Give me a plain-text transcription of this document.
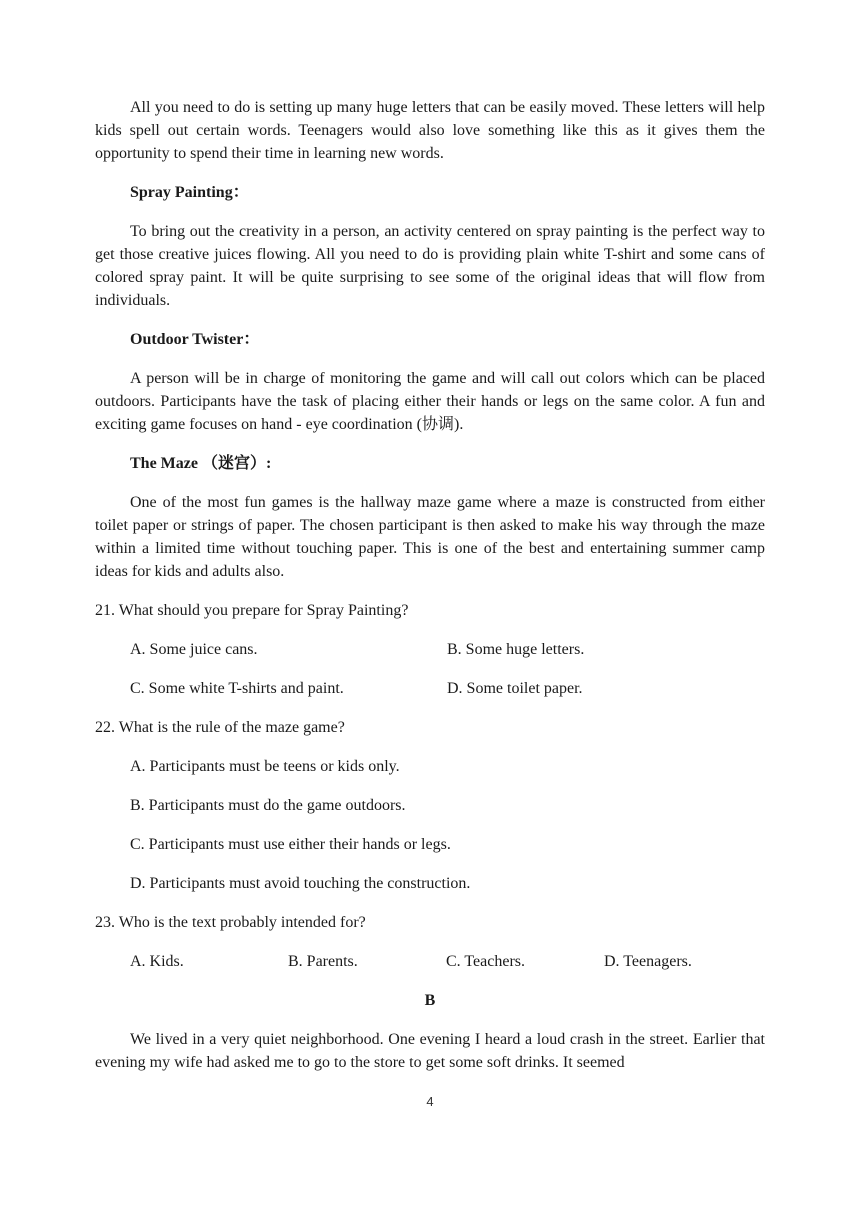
All you need to do is setting up many huge letters that can be easily moved. These letters will help kids spell out certain words. Teenagers would also love something like this as it gives them the opportunity to spend their time in learning new words.

Spray Painting：

To bring out the creativity in a person, an activity centered on spray painting is the perfect way to get those creative juices flowing. All you need to do is providing plain white T-shirt and some cans of colored spray paint. It will be quite surprising to see some of the original ideas that will flow from individuals.

Outdoor Twister：

A person will be in charge of monitoring the game and will call out colors which can be placed outdoors. Participants have the task of placing either their hands or legs on the same color. A fun and exciting game focuses on hand - eye coordination (协调).

The Maze （迷宫）:

One of the most fun games is the hallway maze game where a maze is constructed from either toilet paper or strings of paper. The chosen participant is then asked to make his way through the maze within a limited time without touching paper. This is one of the best and entertaining summer camp ideas for kids and adults also.

21. What should you prepare for Spray Painting?

A. Some juice cans.	B. Some huge letters.
C. Some white T-shirts and paint.	D. Some toilet paper.

22. What is the rule of the maze game?

A. Participants must be teens or kids only.

B. Participants must do the game outdoors.

C. Participants must use either their hands or legs.

D. Participants must avoid touching the construction.

23. Who is the text probably intended for?

A. Kids.	B. Parents.	C. Teachers.	D. Teenagers.

B

We lived in a very quiet neighborhood. One evening I heard a loud crash in the street. Earlier that evening my wife had asked me to go to the store to get some soft drinks. It seemed

4
